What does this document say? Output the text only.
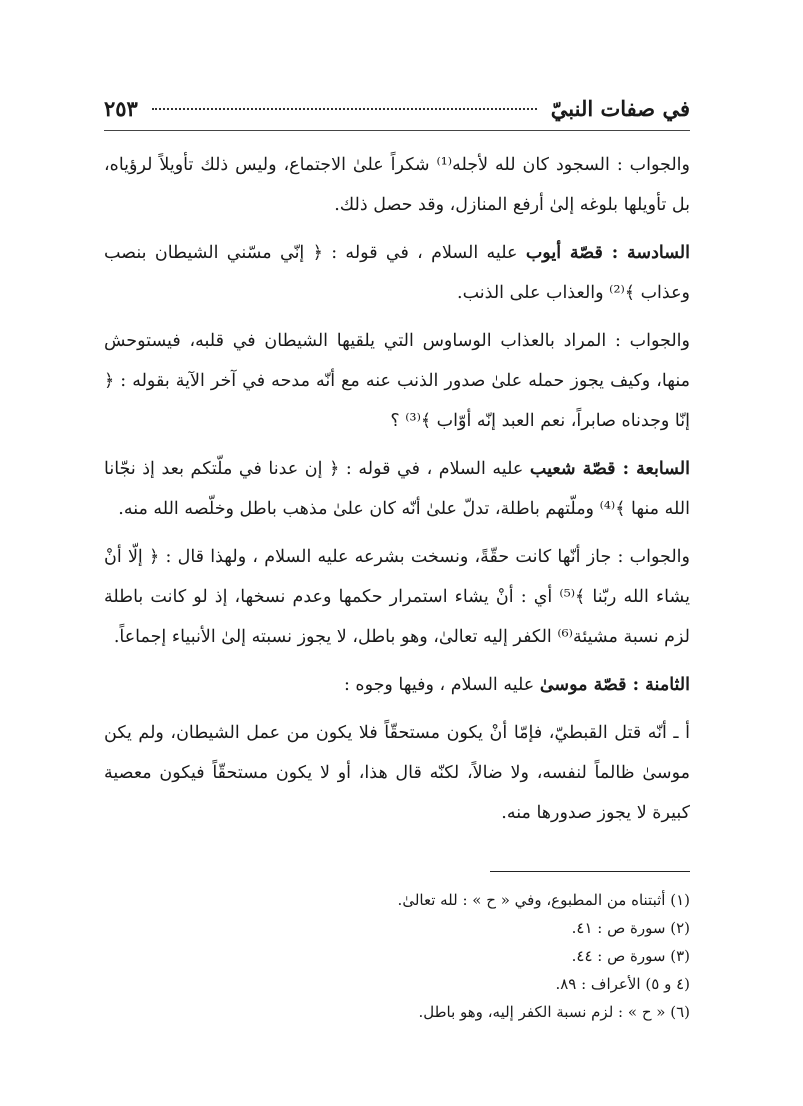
في صفات النبيّ
٢٥٣

والجواب : السجود كان لله لأجله⁽¹⁾ شكراً علىٰ الاجتماع، وليس ذلك تأويلاً لرؤياه، بل تأويلها بلوغه إلىٰ أرفع المنازل، وقد حصل ذلك.

السادسة : قصّة أيوب عليه السلام ، في قوله : ﴿ إنّي مسّني الشيطان بنصب وعذاب ﴾⁽²⁾ والعذاب على الذنب.

والجواب : المراد بالعذاب الوساوس التي يلقيها الشيطان في قلبه، فيستوحش منها، وكيف يجوز حمله علىٰ صدور الذنب عنه مع أنّه مدحه في آخر الآية بقوله : ﴿ إنّا وجدناه صابراً، نعم العبد إنّه أوّاب ﴾⁽³⁾ ؟

السابعة : قصّة شعيب عليه السلام ، في قوله : ﴿ إن عدنا في ملّتكم بعد إذ نجّانا الله منها ﴾⁽⁴⁾ وملّتهم باطلة، تدلّ علىٰ أنّه كان علىٰ مذهب باطل وخلّصه الله منه.

والجواب : جاز أنّها كانت حقّةً، ونسخت بشرعه عليه السلام ، ولهذا قال : ﴿ إلّا أنْ يشاء الله ربّنا ﴾⁽⁵⁾ أي : أنْ يشاء استمرار حكمها وعدم نسخها، إذ لو كانت باطلة لزم نسبة مشيئة⁽⁶⁾ الكفر إليه تعالىٰ، وهو باطل، لا يجوز نسبته إلىٰ الأنبياء إجماعاً.

الثامنة : قصّة موسىٰ عليه السلام ، وفيها وجوه :

أ ـ أنّه قتل القبطيّ، فإمّا أنْ يكون مستحقّاً فلا يكون من عمل الشيطان، ولم يكن موسىٰ ظالماً لنفسه، ولا ضالاً، لكنّه قال هذا، أو لا يكون مستحقّاً فيكون معصية كبيرة لا يجوز صدورها منه.

(١) أثبتناه من المطبوع، وفي « ح » : لله تعالىٰ.

(٢) سورة ص : ٤١.

(٣) سورة ص : ٤٤.

(٤ و ٥) الأعراف : ٨٩.

(٦) « ح » : لزم نسبة الكفر إليه، وهو باطل.
